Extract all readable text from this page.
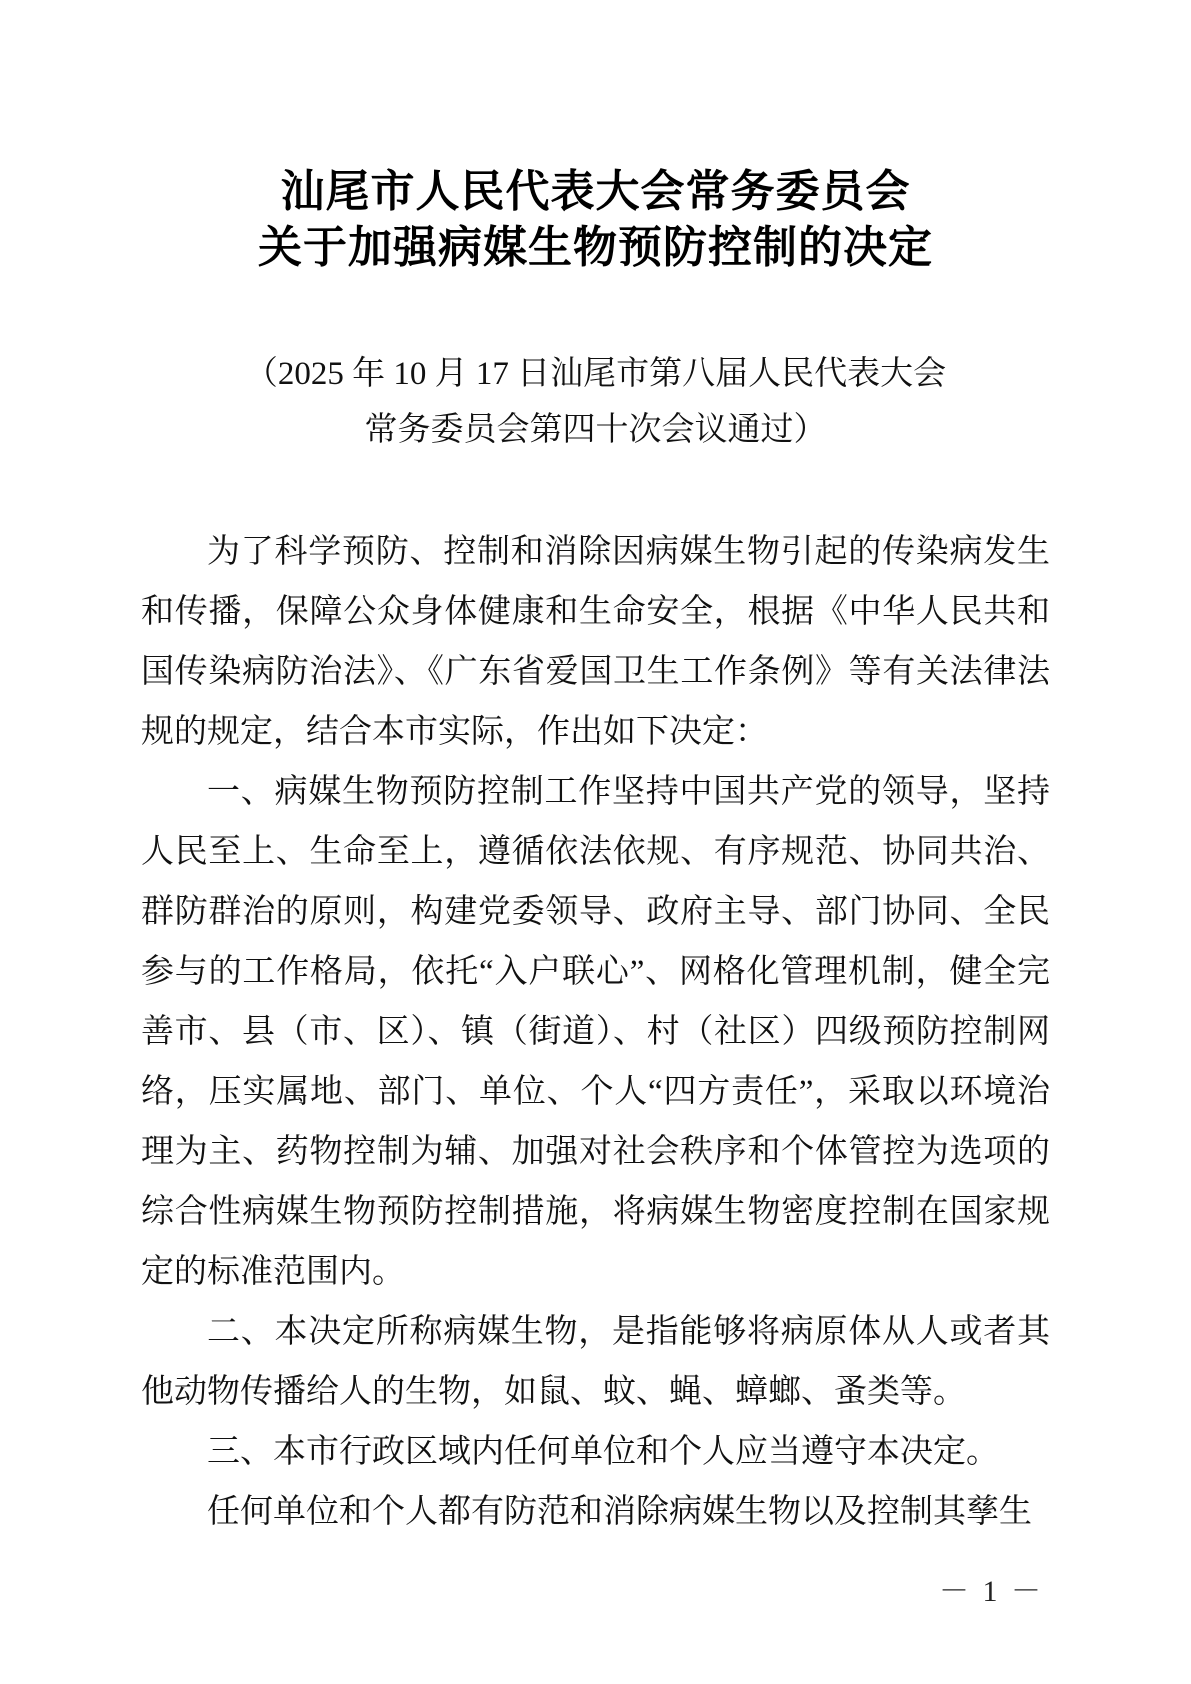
汕尾市人民代表大会常务委员会
关于加强病媒生物预防控制的决定
（2025 年 10 月 17 日汕尾市第八届人民代表大会
常务委员会第四十次会议通过）

为了科学预防、控制和消除因病媒生物引起的传染病发生和传播，保障公众身体健康和生命安全，根据《中华人民共和国传染病防治法》、《广东省爱国卫生工作条例》等有关法律法规的规定，结合本市实际，作出如下决定：

一、病媒生物预防控制工作坚持中国共产党的领导，坚持人民至上、生命至上，遵循依法依规、有序规范、协同共治、群防群治的原则，构建党委领导、政府主导、部门协同、全民参与的工作格局，依托“入户联心”、网格化管理机制，健全完善市、县（市、区）、镇（街道）、村（社区）四级预防控制网络，压实属地、部门、单位、个人“四方责任”，采取以环境治理为主、药物控制为辅、加强对社会秩序和个体管控为选项的综合性病媒生物预防控制措施，将病媒生物密度控制在国家规定的标准范围内。

二、本决定所称病媒生物，是指能够将病原体从人或者其他动物传播给人的生物，如鼠、蚊、蝇、蟑螂、蚤类等。

三、本市行政区域内任何单位和个人应当遵守本决定。

任何单位和个人都有防范和消除病媒生物以及控制其孳生

－ 1 －
